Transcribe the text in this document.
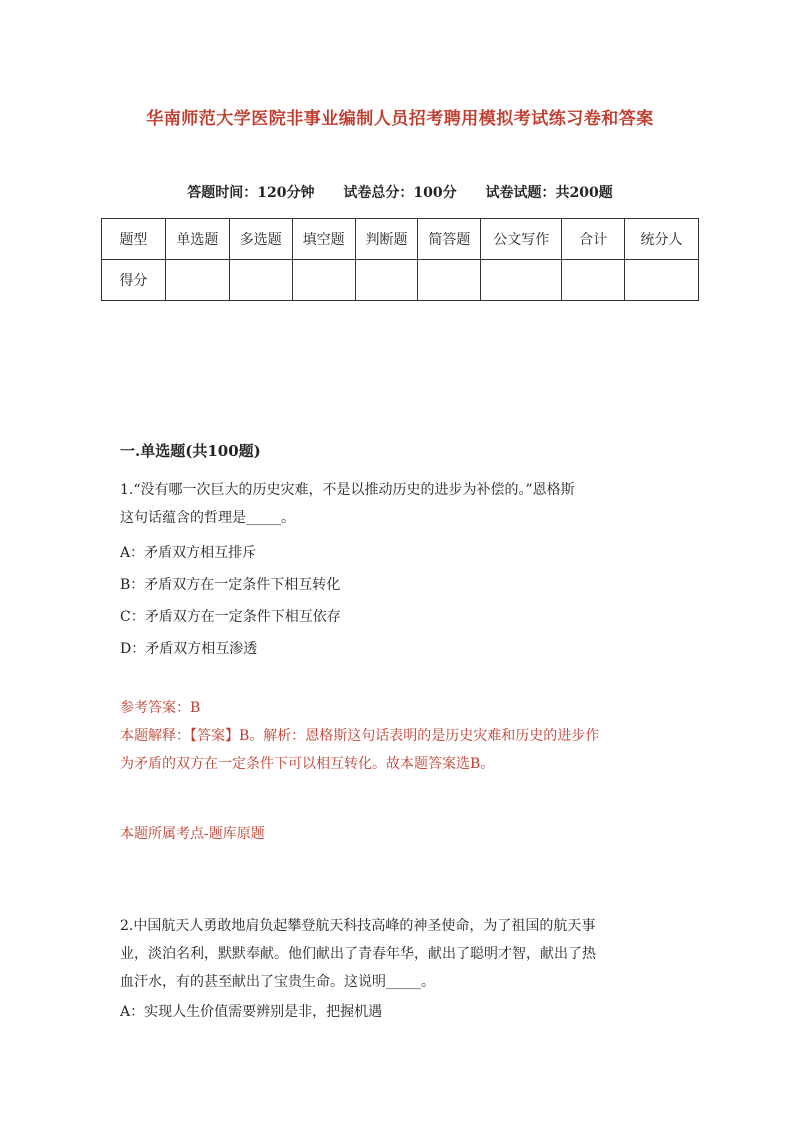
华南师范大学医院非事业编制人员招考聘用模拟考试练习卷和答案
答题时间：120分钟 试卷总分：100分 试卷试题：共200题
题型	单选题	多选题	填空题	判断题	简答题	公文写作	合计	统分人
得分								
一.单选题(共100题)
1.“没有哪一次巨大的历史灾难，不是以推动历史的进步为补偿的。”恩格斯
这句话蕴含的哲理是_____。
A：矛盾双方相互排斥
B：矛盾双方在一定条件下相互转化
C：矛盾双方在一定条件下相互依存
D：矛盾双方相互渗透
参考答案：B
本题解释：【答案】B。解析：恩格斯这句话表明的是历史灾难和历史的进步作
为矛盾的双方在一定条件下可以相互转化。故本题答案选B。
本题所属考点-题库原题
2.中国航天人勇敢地肩负起攀登航天科技高峰的神圣使命，为了祖国的航天事
业，淡泊名利，默默奉献。他们献出了青春年华，献出了聪明才智，献出了热
血汗水，有的甚至献出了宝贵生命。这说明_____。
A：实现人生价值需要辨别是非，把握机遇
